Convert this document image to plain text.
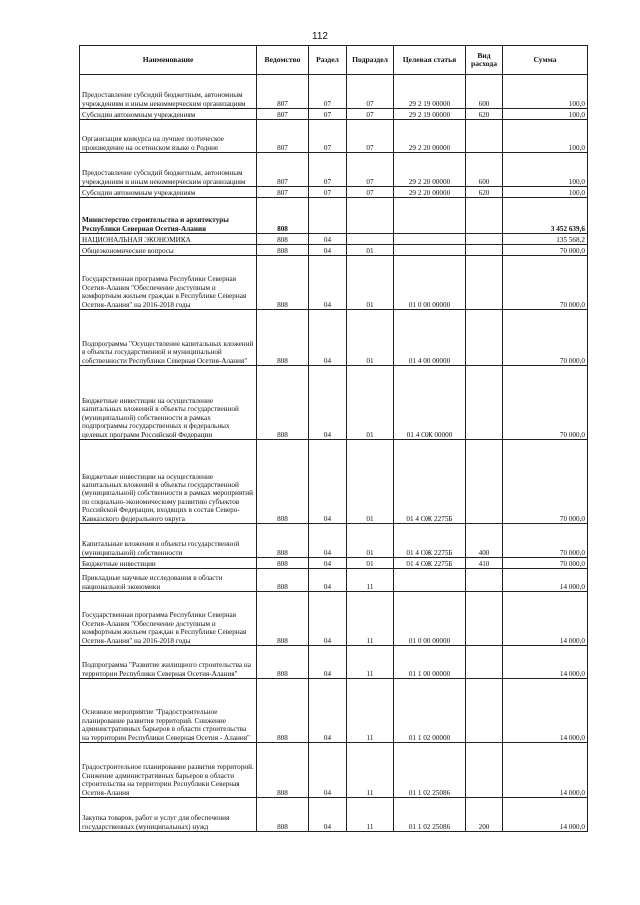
112
Наименование	Ведомство	Раздел	Подраздел	Целевая статья	Вид расхода	Сумма
Предоставление субсидий бюджетным, автономным учреждениям и иным некоммерческим организациям	807	07	07	29 2 19 00000	600	100,0
Субсидии автономным учреждениям	807	07	07	29 2 19 00000	620	100,0
Организация конкурса на лучшее поэтическое произведение на осетинском языке о Родине	807	07	07	29 2 20 00000		100,0
Предоставление субсидий бюджетным, автономным учреждениям и иным некоммерческим организациям	807	07	07	29 2 20 00000	600	100,0
Субсидии автономным учреждениям	807	07	07	29 2 20 00000	620	100,0
Министерство строительства и архитектуры Республики Северная Осетия-Алания	808					3 452 639,6
НАЦИОНАЛЬНАЯ ЭКОНОМИКА	808	04				135 568,2
Общеэкономические вопросы	808	04	01			70 000,0
Государственная программа Республики Северная Осетия-Алания "Обеспечение доступным и комфортным жильем граждан в Республике Северная Осетия-Алания" на 2016-2018 годы	808	04	01	01 0 00 00000		70 000,0
Подпрограмма "Осуществление капитальных вложений в объекты государственной и муниципальной собственности Республики Северная Осетия-Алания"	808	04	01	01 4 00 00000		70 000,0
Бюджетные инвестиции на осуществление капитальных вложений в объекты государственной (муниципальной) собственности в рамках подпрограммы государственных и федеральных целевых программ Российской Федерации	808	04	01	01 4 ОЖ 00000		70 000,0
Бюджетные инвестиции на осуществление капитальных вложений в объекты государственной (муниципальной) собственности в рамках мероприятий по социально-экономическому развитию субъектов Российской Федерации, входящих в состав Северо-Кавказского федерального округа	808	04	01	01 4 ОЖ 2275Б		70 000,0
Капитальные вложения в объекты государственной (муниципальной) собственности	808	04	01	01 4 ОЖ 2275Б	400	70 000,0
Бюджетные инвестиции	808	04	01	01 4 ОЖ 2275Б	410	70 000,0
Прикладные научные исследования в области национальной экономики	808	04	11			14 000,0
Государственная программа Республики Северная Осетия-Алания "Обеспечение доступным и комфортным жильем граждан в Республике Северная Осетия-Алания" на 2016-2018 годы	808	04	11	01 0 00 00000		14 000,0
Подпрограмма "Развитие жилищного строительства на территории Республики Северная Осетия-Алания"	808	04	11	01 1 00 00000		14 000,0
Основное мероприятие "Градостроительное планирование развития территорий. Снижение административных барьеров в области строительства на территории Республики Северная Осетия - Алания"	808	04	11	01 1 02 00000		14 000,0
Градостроительное планирование развития территорий. Снижение административных барьеров в области строительства на территории Республики Северная Осетия-Алания	808	04	11	01 1 02 25086		14 000,0
Закупка товаров, работ и услуг для обеспечения государственных (муниципальных) нужд	808	04	11	01 1 02 25086	200	14 000,0
